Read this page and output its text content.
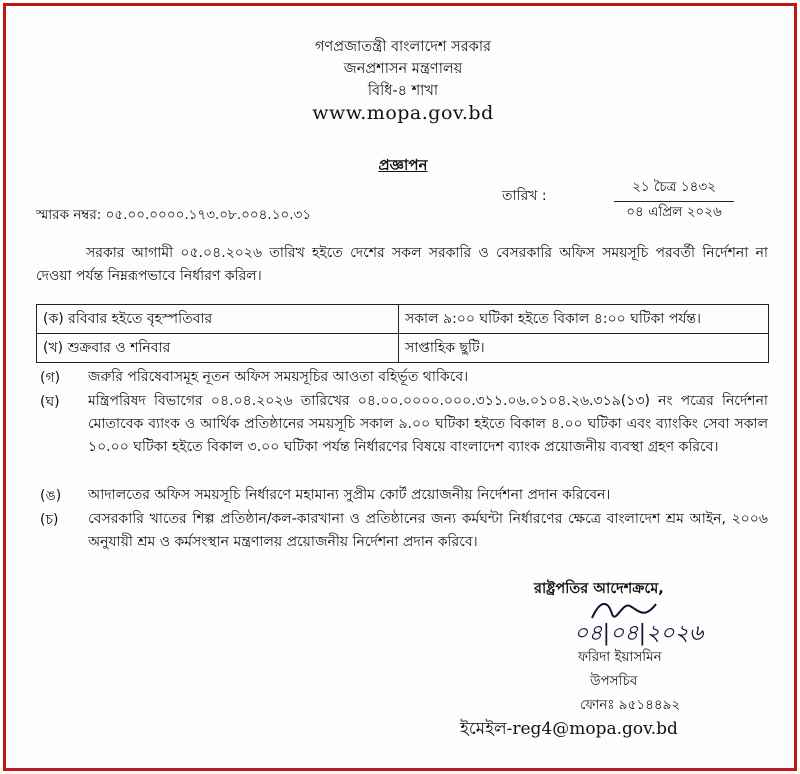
গণপ্রজাতন্ত্রী বাংলাদেশ সরকার
জনপ্রশাসন মন্ত্রণালয়
বিধি-৪ শাখা
www.mopa.gov.bd
প্রজ্ঞাপন
তারিখ :
২১ চৈত্র ১৪৩২
০৪ এপ্রিল ২০২৬
স্মারক নম্বর: ০৫.০০.০০০০.১৭৩.০৮.০০৪.১০.৩১
সরকার আগামী ০৫.০৪.২০২৬ তারিখ হইতে দেশের সকল সরকারি ও বেসরকারি অফিস সময়সূচি পরবর্তী নির্দেশনা না দেওয়া পর্যন্ত নিম্নরূপভাবে নির্ধারণ করিল।
(ক) রবিবার হইতে বৃহস্পতিবার	সকাল ৯:০০ ঘটিকা হইতে বিকাল ৪:০০ ঘটিকা পর্যন্ত।
(খ) শুক্রবার ও শনিবার	সাপ্তাহিক ছুটি।
(গ) জরুরি পরিষেবাসমূহ নূতন অফিস সময়সূচির আওতা বহির্ভূত থাকিবে।
(ঘ) মন্ত্রিপরিষদ বিভাগের ০৪.০৪.২০২৬ তারিখের ০৪.০০.০০০০.০০০.৩১১.০৬.০১০৪.২৬.৩১৯(১৩) নং পত্রের নির্দেশনা মোতাবেক ব্যাংক ও আর্থিক প্রতিষ্ঠানের সময়সূচি সকাল ৯.০০ ঘটিকা হইতে বিকাল ৪.০০ ঘটিকা এবং ব্যাংকিং সেবা সকাল ১০.০০ ঘটিকা হইতে বিকাল ৩.০০ ঘটিকা পর্যন্ত নির্ধারণের বিষয়ে বাংলাদেশ ব্যাংক প্রয়োজনীয় ব্যবস্থা গ্রহণ করিবে।
(ঙ) আদালতের অফিস সময়সূচি নির্ধারণে মহামান্য সুপ্রীম কোর্ট প্রয়োজনীয় নির্দেশনা প্রদান করিবেন।
(চ) বেসরকারি খাতের শিল্প প্রতিষ্ঠান/কল-কারখানা ও প্রতিষ্ঠানের জন্য কর্মঘন্টা নির্ধারণের ক্ষেত্রে বাংলাদেশ শ্রম আইন, ২০০৬ অনুযায়ী শ্রম ও কর্মসংস্থান মন্ত্রণালয় প্রয়োজনীয় নির্দেশনা প্রদান করিবে।
রাষ্ট্রপতির আদেশক্রমে,
০৪|০৪|২০২৬
ফরিদা ইয়াসমিন
উপসচিব
ফোনঃ ৯৫১৪৪৯২
ইমেইল-reg4@mopa.gov.bd
